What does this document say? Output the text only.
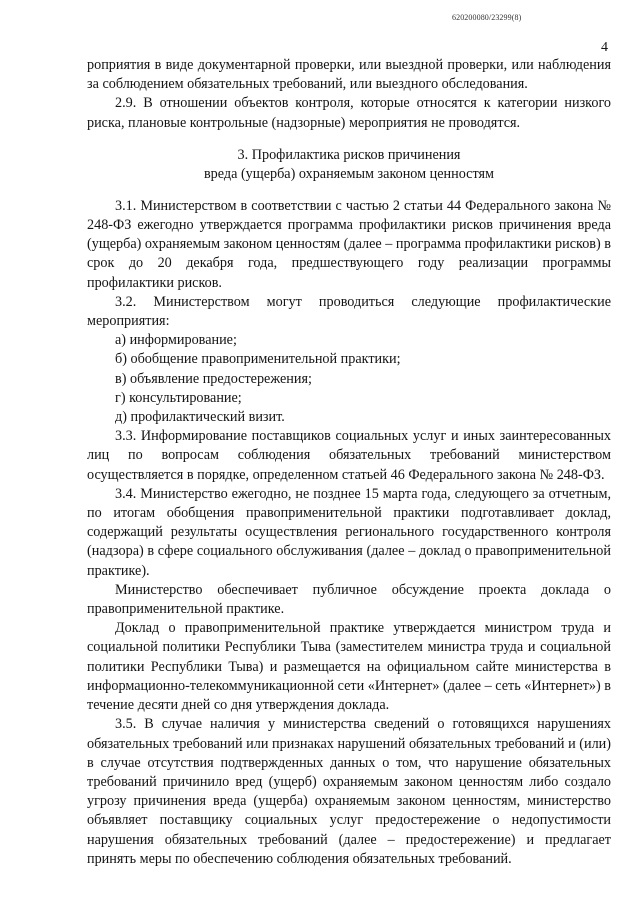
620200080/23299(8)
4

роприятия в виде документарной проверки, или выездной проверки, или наблюдения за соблюдением обязательных требований, или выездного обследования.

2.9. В отношении объектов контроля, которые относятся к категории низкого риска, плановые контрольные (надзорные) мероприятия не проводятся.

3. Профилактика рисков причинения
вреда (ущерба) охраняемым законом ценностям

3.1. Министерством в соответствии с частью 2 статьи 44 Федерального закона № 248-ФЗ ежегодно утверждается программа профилактики рисков причинения вреда (ущерба) охраняемым законом ценностям (далее – программа профилактики рисков) в срок до 20 декабря года, предшествующего году реализации программы профилактики рисков.

3.2. Министерством могут проводиться следующие профилактические мероприятия:

а) информирование;

б) обобщение правоприменительной практики;

в) объявление предостережения;

г) консультирование;

д) профилактический визит.

3.3. Информирование поставщиков социальных услуг и иных заинтересованных лиц по вопросам соблюдения обязательных требований министерством осуществляется в порядке, определенном статьей 46 Федерального закона № 248-ФЗ.

3.4. Министерство ежегодно, не позднее 15 марта года, следующего за отчетным, по итогам обобщения правоприменительной практики подготавливает доклад, содержащий результаты осуществления регионального государственного контроля (надзора) в сфере социального обслуживания (далее – доклад о правоприменительной практике).

Министерство обеспечивает публичное обсуждение проекта доклада о правоприменительной практике.

Доклад о правоприменительной практике утверждается министром труда и социальной политики Республики Тыва (заместителем министра труда и социальной политики Республики Тыва) и размещается на официальном сайте министерства в информационно-телекоммуникационной сети «Интернет» (далее – сеть «Интернет») в течение десяти дней со дня утверждения доклада.

3.5. В случае наличия у министерства сведений о готовящихся нарушениях обязательных требований или признаках нарушений обязательных требований и (или) в случае отсутствия подтвержденных данных о том, что нарушение обязательных требований причинило вред (ущерб) охраняемым законом ценностям либо создало угрозу причинения вреда (ущерба) охраняемым законом ценностям, министерство объявляет поставщику социальных услуг предостережение о недопустимости нарушения обязательных требований (далее – предостережение) и предлагает принять меры по обеспечению соблюдения обязательных требований.
